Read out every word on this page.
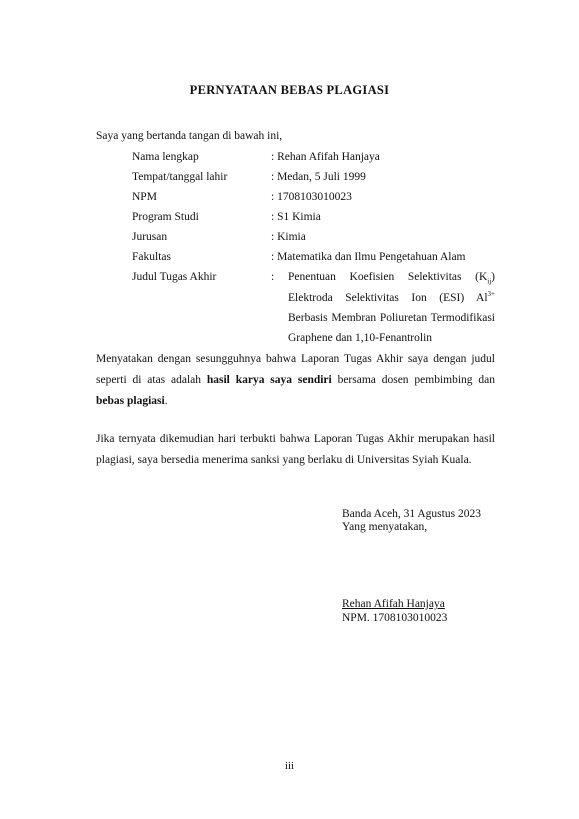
PERNYATAAN BEBAS PLAGIASI
Saya yang bertanda tangan di bawah ini,
Nama lengkap	: Rehan Afifah Hanjaya
Tempat/tanggal lahir	: Medan, 5 Juli 1999
NPM	: 1708103010023
Program Studi	: S1 Kimia
Jurusan	: Kimia
Fakultas	: Matematika dan Ilmu Pengetahuan Alam
Judul Tugas Akhir	: Penentuan Koefisien Selektivitas $(K_{ij})$
Elektroda Selektivitas Ion (ESI) $Al^{3+}$
Berbasis Membran Poliuretan Termodifikasi
Graphene dan 1,10-Fenantrolin
Menyatakan dengan sesungguhnya bahwa Laporan Tugas Akhir saya dengan judul
seperti di atas adalah hasil karya saya sendiri bersama dosen pembimbing dan
bebas plagiasi.
Jika ternyata dikemudian hari terbukti bahwa Laporan Tugas Akhir merupakan hasil
plagiasi, saya bersedia menerima sanksi yang berlaku di Universitas Syiah Kuala.
Banda Aceh, 31 Agustus 2023
Yang menyatakan,
Rehan Afifah Hanjaya
NPM. 1708103010023
iii
